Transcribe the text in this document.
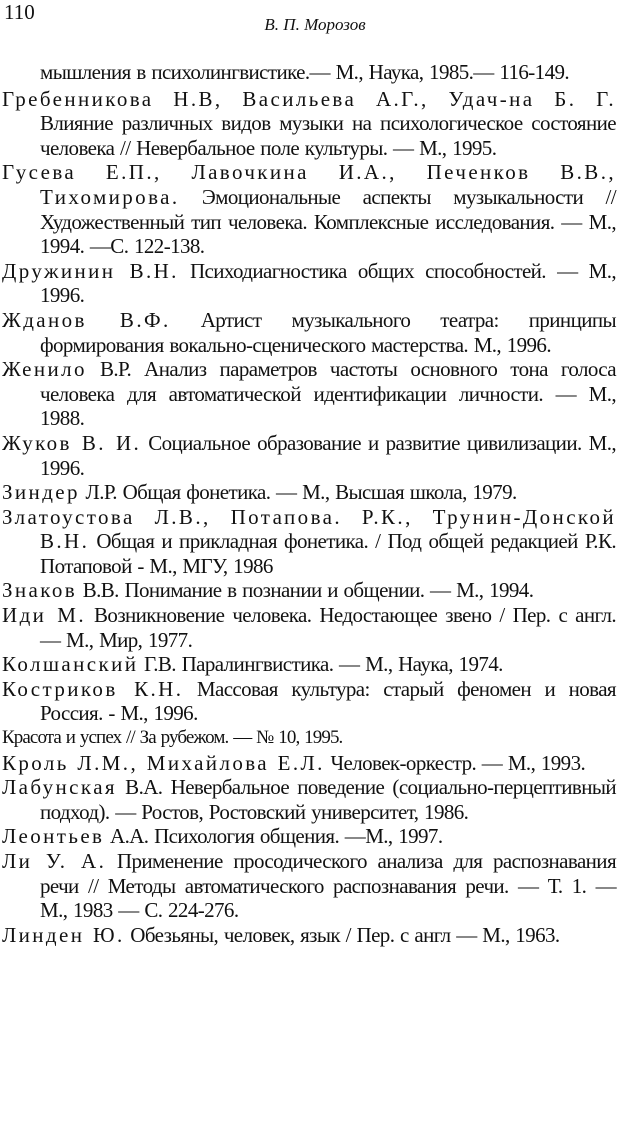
110
В. П. Морозов

мышления в психолингвистике.— М., Наука, 1985.— 116-149.

Гребенникова Н.В, Васильева А.Г., Удач-на Б. Г. Влияние различных видов музыки на психологическое состояние человека // Невербальное поле культуры. — М., 1995.

Гусева Е.П., Лавочкина И.А., Печенков В.В., Тихомирова. Эмоциональные аспекты музыкальности // Художественный тип человека. Комплексные исследования. — М., 1994. —С. 122-138.

Дружинин В.Н. Психодиагностика общих способностей. — М., 1996.

Жданов В.Ф. Артист музыкального театра: принципы формирования вокально-сценического мастерства. М., 1996.

Женило В.Р. Анализ параметров частоты основного тона голоса человека для автоматической идентификации личности. — М., 1988.

Жуков В. И. Социальное образование и развитие цивилизации. М., 1996.

Зиндер Л.Р. Общая фонетика. — М., Высшая школа, 1979.

Златоустова Л.В., Потапова. Р.К., Трунин-Донской В.Н. Общая и прикладная фонетика. / Под общей редакцией Р.К. Потаповой - М., МГУ, 1986

Знаков В.В. Понимание в познании и общении. — М., 1994.

Иди М. Возникновение человека. Недостающее звено / Пер. с англ. — М., Мир, 1977.

Колшанский Г.В. Паралингвистика. — М., Наука, 1974.

Костриков К.Н. Массовая культура: старый феномен и новая Россия. - М., 1996.

Красота и успех // За рубежом. — № 10, 1995.

Кроль Л.М., Михайлова Е.Л. Человек-оркестр. — М., 1993.

Лабунская В.А. Невербальное поведение (социально-перцептивный подход). — Ростов, Ростовский университет, 1986.

Леонтьев А.А. Психология общения. —М., 1997.

Ли У. А. Применение просодического анализа для распознавания речи // Методы автоматического распознавания речи. — Т. 1. — М., 1983 — С. 224-276.

Линден Ю. Обезьяны, человек, язык / Пер. с англ — М., 1963.
